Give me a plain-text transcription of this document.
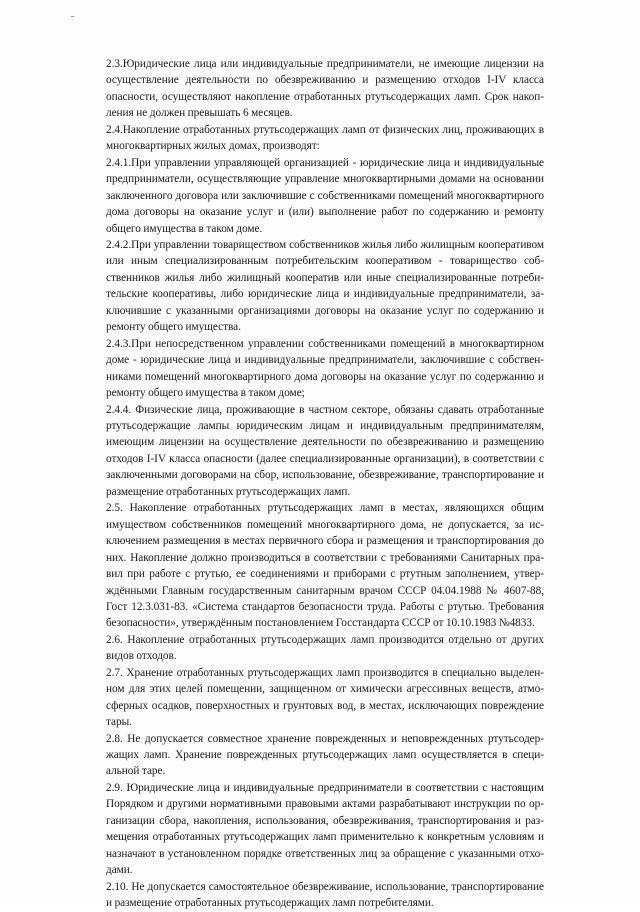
2.3.Юридические лица или индивидуальные предприниматели, не имеющие лицензии на осуществление деятельности по обезвреживанию и размещению отходов I-IV класса опасности, осуществляют накопление отработанных ртутьсодержащих ламп. Срок накопления не должен превышать 6 месяцев.

2.4.Накопление отработанных ртутьсодержащих ламп от физических лиц, проживающих в многоквартирных жилых домах, производят:

2.4.1.При управлении управляющей организацией - юридические лица и индивидуальные предприниматели, осуществляющие управление многоквартирными домами на основании заключенного договора или заключившие с собственниками помещений многоквартирного дома договоры на оказание услуг и (или) выполнение работ по содержанию и ремонту общего имущества в таком доме.

2.4.2.При управлении товариществом собственников жилья либо жилищным кооперативом или иным специализированным потребительским кооперативом - товарищество собственников жилья либо жилищный кооператив или иные специализированные потребительские кооперативы, либо юридические лица и индивидуальные предприниматели, заключившие с указанными организациями договоры на оказание услуг по содержанию и ремонту общего имущества.

2.4.3.При непосредственном управлении собственниками помещений в многоквартирном доме - юридические лица и индивидуальные предприниматели, заключившие с собственниками помещений многоквартирного дома договоры на оказание услуг по содержанию и ремонту общего имущества в таком доме;

2.4.4. Физические лица, проживающие в частном секторе, обязаны сдавать отработанные ртутьсодержащие лампы юридическим лицам и индивидуальным предпринимателям, имеющим лицензии на осуществление деятельности по обезвреживанию и размещению отходов I-IV класса опасности (далее специализированные организации), в соответствии с заключенными договорами на сбор, использование, обезвреживание, транспортирование и размещение отработанных ртутьсодержащих ламп.

2.5. Накопление отработанных ртутьсодержащих ламп в местах, являющихся общим имуществом собственников помещений многоквартирного дома, не допускается, за исключением размещения в местах первичного сбора и размещения и транспортирования до них. Накопление должно производиться в соответствии с требованиями Санитарных правил при работе с ртутью, ее соединениями и приборами с ртутным заполнением, утверждёнными Главным государственным санитарным врачом СССР 04.04.1988 № 4607-88, Гост 12.3.031-83. «Система стандартов безопасности труда. Работы с ртутью. Требования безопасности», утверждённым постановлением Госстандарта СССР от 10.10.1983 №4833.

2.6. Накопление отработанных ртутьсодержащих ламп производится отдельно от других видов отходов.

2.7. Хранение отработанных ртутьсодержащих ламп производится в специально выделенном для этих целей помещении, защищенном от химически агрессивных веществ, атмосферных осадков, поверхностных и грунтовых вод, в местах, исключающих повреждение тары.

2.8. Не допускается совместное хранение поврежденных и неповрежденных ртутьсодержащих ламп. Хранение поврежденных ртутьсодержащих ламп осуществляется в специальной таре.

2.9. Юридические лица и индивидуальные предприниматели в соответствии с настоящим Порядком и другими нормативными правовыми актами разрабатывают инструкции по организации сбора, накопления, использования, обезвреживания, транспортирования и размещения отработанных ртутьсодержащих ламп применительно к конкретным условиям и назначают в установленном порядке ответственных лиц за обращение с указанными отходами.

2.10. Не допускается самостоятельное обезвреживание, использование, транспортирование и размещение отработанных ртутьсодержащих ламп потребителями.
